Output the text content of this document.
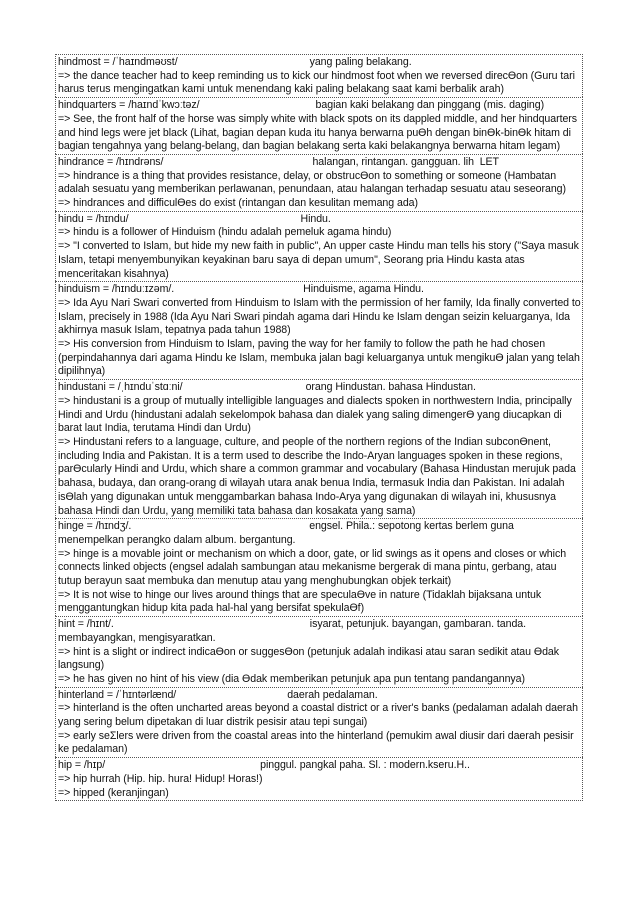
hindmost = /ˈhaɪndməʊst/	yang paling belakang.
=> the dance teacher had to keep reminding us to kick our hindmost foot when we reversed direcƟon (Guru tari harus terus mengingatkan kami untuk menendang kaki paling belakang saat kami berbalik arah)
hindquarters = /haɪndˈkwɔːtəz/	bagian kaki belakang dan pinggang (mis. daging)
=> See, the front half of the horse was simply white with black spots on its dappled middle, and her hindquarters and hind legs were jet black (Lihat, bagian depan kuda itu hanya berwarna puƟh dengan binƟk-binƟk hitam di bagian tengahnya yang belang-belang, dan bagian belakang serta kaki belakangnya berwarna hitam legam)
hindrance = /hɪndrəns/	halangan, rintangan. gangguan. lih  LET
=> hindrance is a thing that provides resistance, delay, or obstrucƟon to something or someone (Hambatan adalah sesuatu yang memberikan perlawanan, penundaan, atau halangan terhadap sesuatu atau seseorang)
=> hindrances and difficulƟes do exist (rintangan dan kesulitan memang ada)
hindu = /hɪndu/	Hindu.
=> hindu is a follower of Hinduism (hindu adalah pemeluk agama hindu)
=> "I converted to Islam, but hide my new faith in public", An upper caste Hindu man tells his story ("Saya masuk Islam, tetapi menyembunyikan keyakinan baru saya di depan umum", Seorang pria Hindu kasta atas menceritakan kisahnya)
hinduism = /hɪnduːɪzəm/.	Hinduisme, agama Hindu.
=> Ida Ayu Nari Swari converted from Hinduism to Islam with the permission of her family, Ida finally converted to Islam, precisely in 1988 (Ida Ayu Nari Swari pindah agama dari Hindu ke Islam dengan seizin keluarganya, Ida akhirnya masuk Islam, tepatnya pada tahun 1988)
=> His conversion from Hinduism to Islam, paving the way for her family to follow the path he had chosen (perpindahannya dari agama Hindu ke Islam, membuka jalan bagi keluarganya untuk mengikuƟ jalan yang telah dipilihnya)
hindustani = /ˌhɪnduˈstɑːni/	orang Hindustan. bahasa Hindustan.
=> hindustani is a group of mutually intelligible languages and dialects spoken in northwestern India, principally Hindi and Urdu (hindustani adalah sekelompok bahasa dan dialek yang saling dimengerƟ yang diucapkan di barat laut India, terutama Hindi dan Urdu)
=> Hindustani refers to a language, culture, and people of the northern regions of the Indian subconƟnent, including India and Pakistan. It is a term used to describe the Indo-Aryan languages spoken in these regions, parƟcularly Hindi and Urdu, which share a common grammar and vocabulary (Bahasa Hindustan merujuk pada bahasa, budaya, dan orang-orang di wilayah utara anak benua India, termasuk India dan Pakistan. Ini adalah isƟlah yang digunakan untuk menggambarkan bahasa Indo-Arya yang digunakan di wilayah ini, khususnya bahasa Hindi dan Urdu, yang memiliki tata bahasa dan kosakata yang sama)
hinge = /hɪndʒ/.	engsel. Phila.: sepotong kertas berlem guna menempelkan perangko dalam album. bergantung.
=> hinge is a movable joint or mechanism on which a door, gate, or lid swings as it opens and closes or which connects linked objects (engsel adalah sambungan atau mekanisme bergerak di mana pintu, gerbang, atau tutup berayun saat membuka dan menutup atau yang menghubungkan objek terkait)
=> It is not wise to hinge our lives around things that are speculaƟve in nature (Tidaklah bijaksana untuk menggantungkan hidup kita pada hal-hal yang bersifat spekulaƟf)
hint = /hɪnt/.	isyarat, petunjuk. bayangan, gambaran. tanda. membayangkan, mengisyaratkan.
=> hint is a slight or indirect indicaƟon or suggesƟon (petunjuk adalah indikasi atau saran sedikit atau Ɵdak langsung)
=> he has given no hint of his view (dia Ɵdak memberikan petunjuk apa pun tentang pandangannya)
hinterland = /ˈhɪntərlænd/	daerah pedalaman.
=> hinterland is the often uncharted areas beyond a coastal district or a river's banks (pedalaman adalah daerah yang sering belum dipetakan di luar distrik pesisir atau tepi sungai)
=> early seƩlers were driven from the coastal areas into the hinterland (pemukim awal diusir dari daerah pesisir ke pedalaman)
hip = /hɪp/	pinggul. pangkal paha. Sl. : modern.kseru.H..
=> hip hurrah (Hip. hip. hura! Hidup! Horas!)
=> hipped (keranjingan)
